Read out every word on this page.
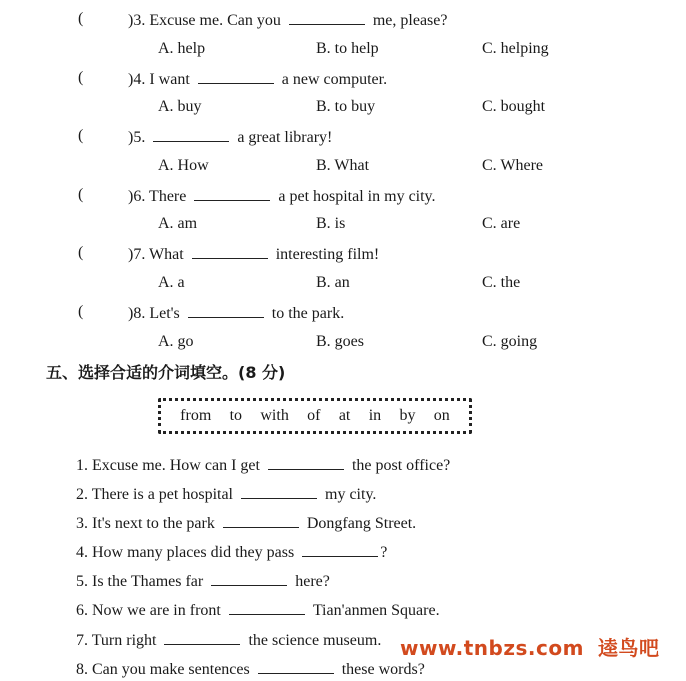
(	)3. Excuse me. Can you	me, please?
A. help	B. to help	C. helping
(	)4. I want	a new computer.
A. buy	B. to buy	C. bought
(	)5.	a great library!
A. How	B. What	C. Where
(	)6. There	a pet hospital in my city.
A. am	B. is	C. are
(	)7. What	interesting film!
A. a	B. an	C. the
(	)8. Let's	to the park.
A. go	B. goes	C. going
五、选择合适的介词填空。(8 分)
from to with of at in by on
1. Excuse me. How can I get	the post office?
2. There is a pet hospital	my city.
3. It's next to the park	Dongfang Street.
4. How many places did they pass	?
5. Is the Thames far	here?
6. Now we are in front	Tian'anmen Square.
7. Turn right	the science museum.
8. Can you make sentences	these words?
www.tnbzs.com 逵鸟吧
